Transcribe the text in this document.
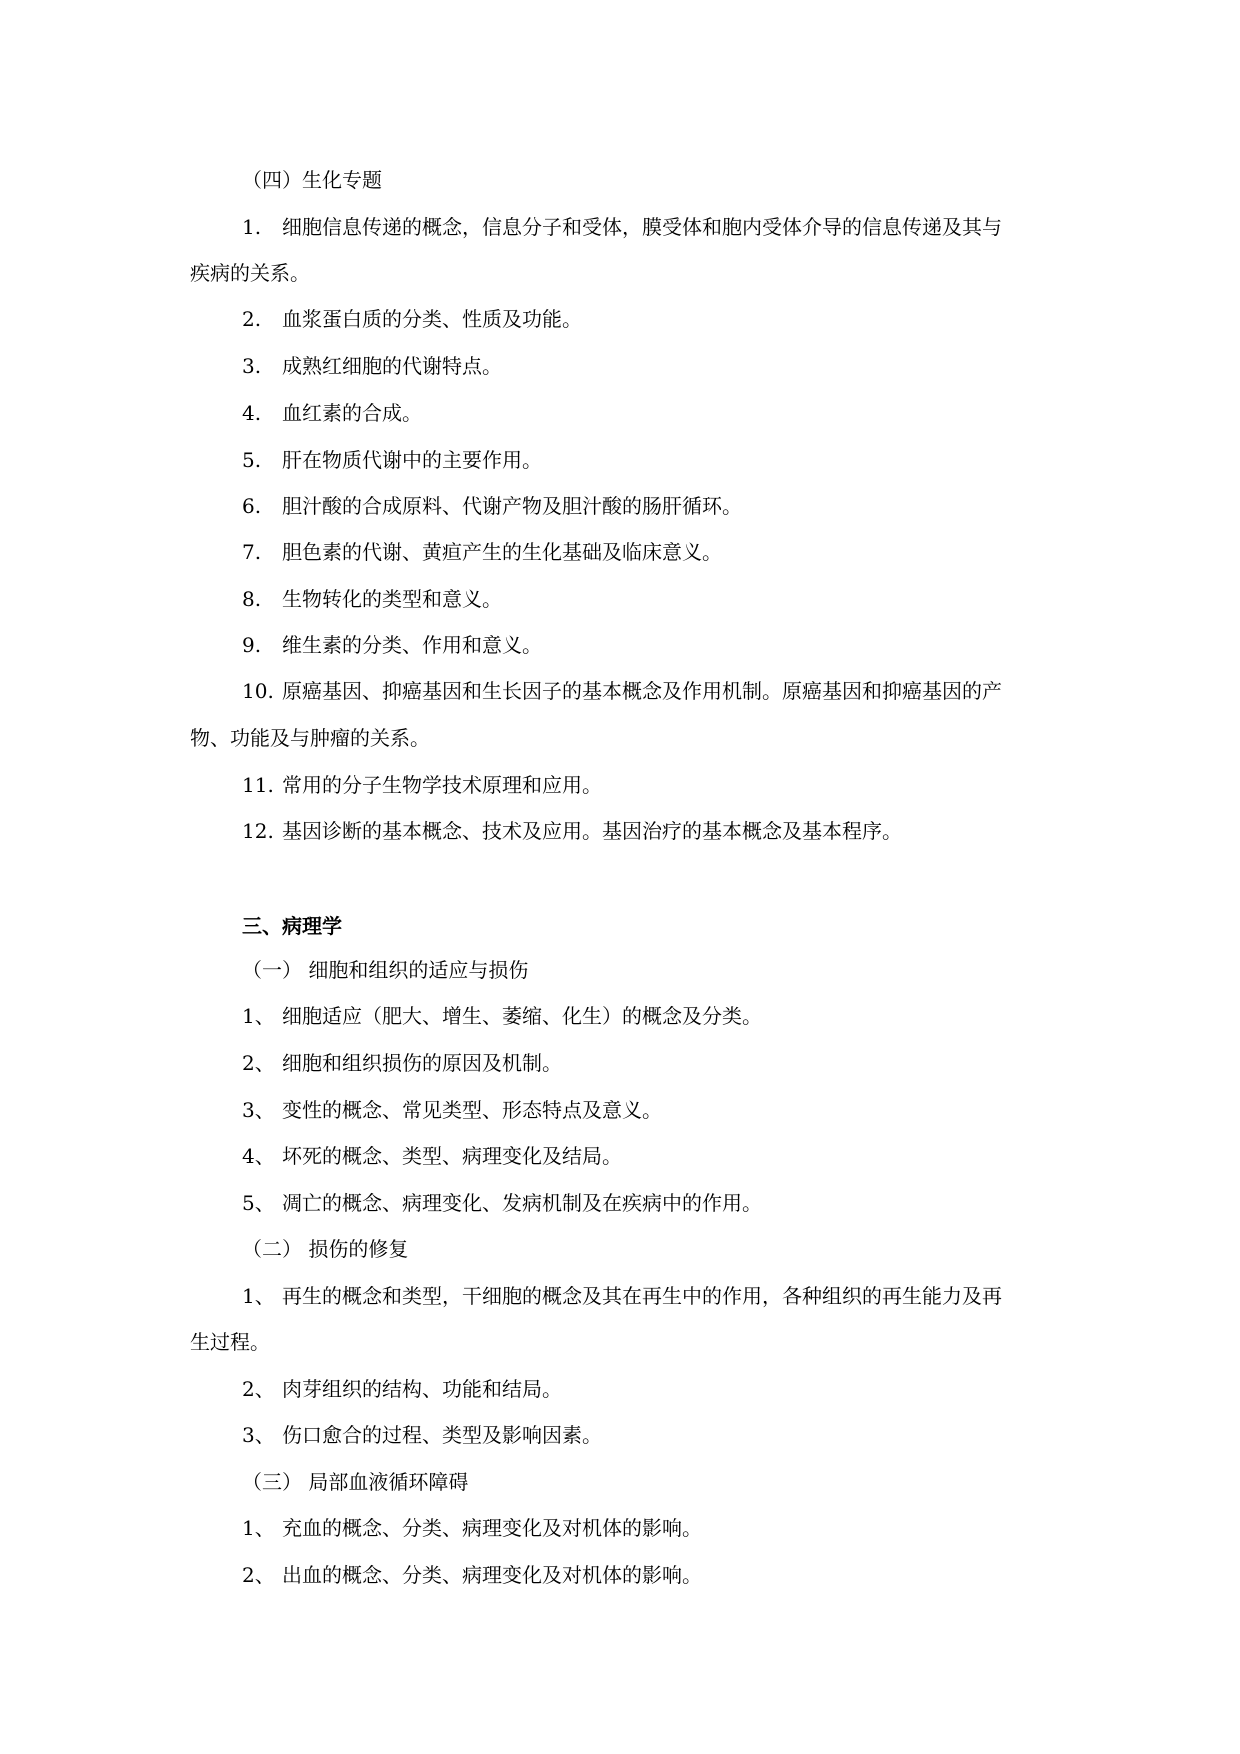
（四）生化专题
1. 细胞信息传递的概念，信息分子和受体，膜受体和胞内受体介导的信息传递及其与
疾病的关系。
2. 血浆蛋白质的分类、性质及功能。
3. 成熟红细胞的代谢特点。
4. 血红素的合成。
5. 肝在物质代谢中的主要作用。
6. 胆汁酸的合成原料、代谢产物及胆汁酸的肠肝循环。
7. 胆色素的代谢、黄疸产生的生化基础及临床意义。
8. 生物转化的类型和意义。
9. 维生素的分类、作用和意义。
10. 原癌基因、抑癌基因和生长因子的基本概念及作用机制。原癌基因和抑癌基因的产
物、功能及与肿瘤的关系。
11. 常用的分子生物学技术原理和应用。
12. 基因诊断的基本概念、技术及应用。基因治疗的基本概念及基本程序。
三、病理学
（一） 细胞和组织的适应与损伤
1、 细胞适应（肥大、增生、萎缩、化生）的概念及分类。
2、 细胞和组织损伤的原因及机制。
3、 变性的概念、常见类型、形态特点及意义。
4、 坏死的概念、类型、病理变化及结局。
5、 凋亡的概念、病理变化、发病机制及在疾病中的作用。
（二） 损伤的修复
1、 再生的概念和类型，干细胞的概念及其在再生中的作用，各种组织的再生能力及再
生过程。
2、 肉芽组织的结构、功能和结局。
3、 伤口愈合的过程、类型及影响因素。
（三） 局部血液循环障碍
1、 充血的概念、分类、病理变化及对机体的影响。
2、 出血的概念、分类、病理变化及对机体的影响。
